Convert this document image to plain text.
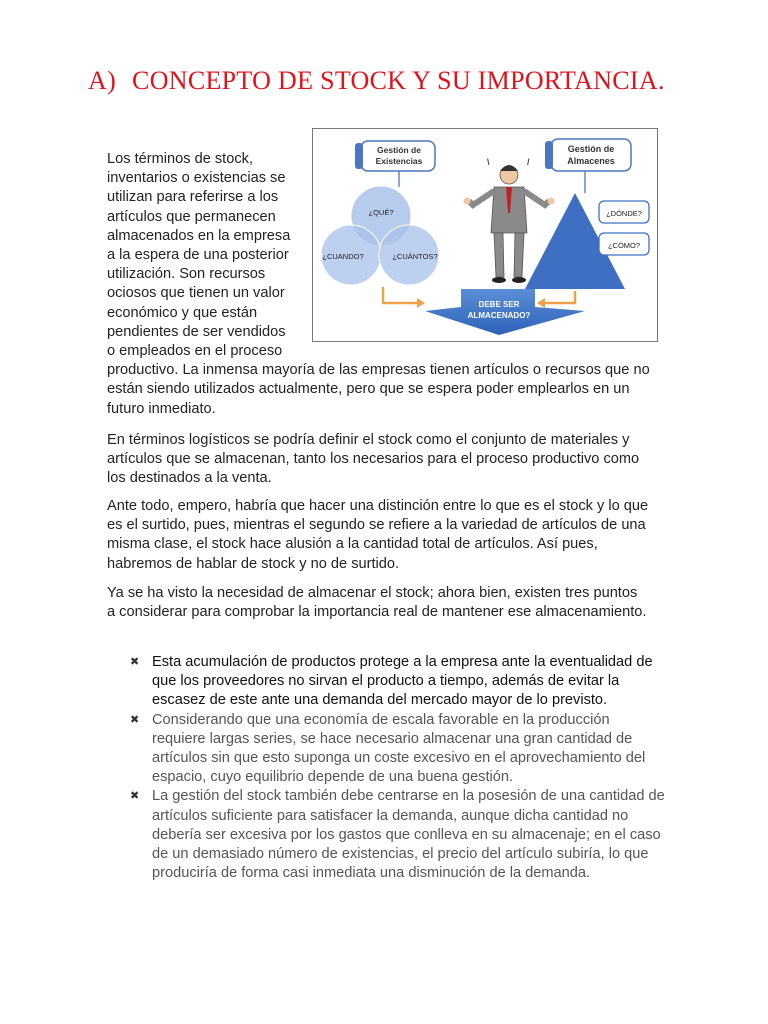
A) CONCEPTO DE STOCK Y SU IMPORTANCIA.
Gestión de
Existencias
Gestión de
Almacenes
¿QUÉ?
¿CUANDO?	¿CUÁNTOS?
¿DÓNDE?
¿CÓMO?
DEBE SER
ALMACENADO?
\	/
Los términos de stock,
inventarios o existencias se
utilizan para referirse a los
artículos que permanecen
almacenados en la empresa
a la espera de una posterior
utilización. Son recursos
ociosos que tienen un valor
económico y que están
pendientes de ser vendidos
o empleados en el proceso
productivo. La inmensa mayoría de las empresas tienen artículos o recursos que no están siendo utilizados actualmente, pero que se espera poder emplearlos en un futuro inmediato.

En términos logísticos se podría definir el stock como el conjunto de materiales y artículos que se almacenan, tanto los necesarios para el proceso productivo como los destinados a la venta.

Ante todo, empero, habría que hacer una distinción entre lo que es el stock y lo que es el surtido, pues, mientras el segundo se refiere a la variedad de artículos de una misma clase, el stock hace alusión a la cantidad total de artículos. Así pues, habremos de hablar de stock y no de surtido.

Ya se ha visto la necesidad de almacenar el stock; ahora bien, existen tres puntos a considerar para comprobar la importancia real de mantener ese almacenamiento.

✖ Esta acumulación de productos protege a la empresa ante la eventualidad de que los proveedores no sirvan el producto a tiempo, además de evitar la escasez de este ante una demanda del mercado mayor de lo previsto.
✖ Considerando que una economía de escala favorable en la producción requiere largas series, se hace necesario almacenar una gran cantidad de artículos sin que esto suponga un coste excesivo en el aprovechamiento del espacio, cuyo equilibrio depende de una buena gestión.
✖ La gestión del stock también debe centrarse en la posesión de una cantidad de artículos suficiente para satisfacer la demanda, aunque dicha cantidad no debería ser excesiva por los gastos que conlleva en su almacenaje; en el caso de un demasiado número de existencias, el precio del artículo subiría, lo que produciría de forma casi inmediata una disminución de la demanda.
